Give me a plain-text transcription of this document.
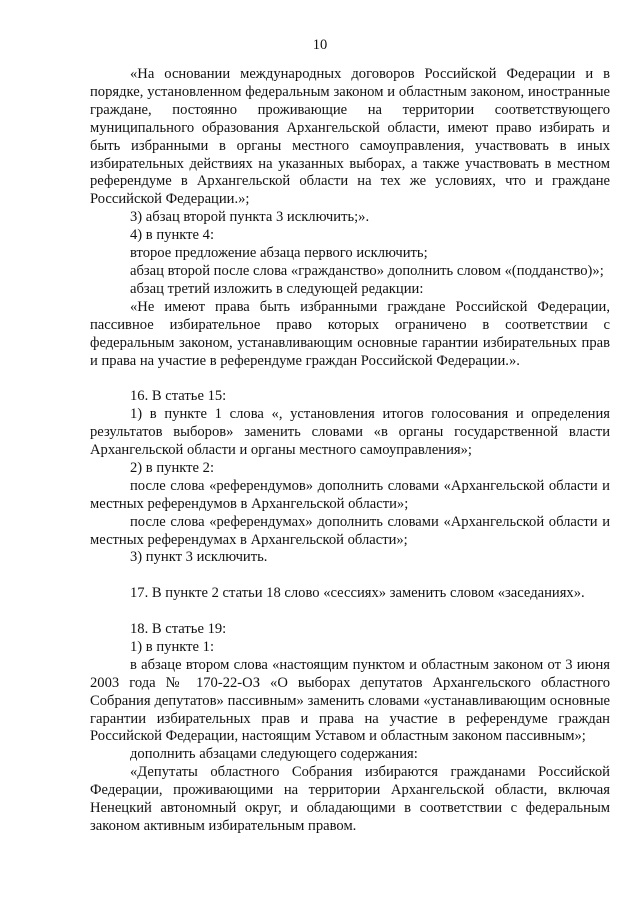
10

«На основании международных договоров Российской Федерации и в порядке, установленном федеральным законом и областным законом, иностранные граждане, постоянно проживающие на территории соответствующего муниципального образования Архангельской области, имеют право избирать и быть избранными в органы местного самоуправления, участвовать в иных избирательных действиях на указанных выборах, а также участвовать в местном референдуме в Архангельской области на тех же условиях, что и граждане Российской Федерации.»;

3) абзац второй пункта 3 исключить;».

4) в пункте 4:

второе предложение абзаца первого исключить;

абзац второй после слова «гражданство» дополнить словом «(подданство)»;

абзац третий изложить в следующей редакции:

«Не имеют права быть избранными граждане Российской Федерации, пассивное избирательное право которых ограничено в соответствии с федеральным законом, устанавливающим основные гарантии избирательных прав и права на участие в референдуме граждан Российской Федерации.».

16. В статье 15:

1) в пункте 1 слова «, установления итогов голосования и определения результатов выборов» заменить словами «в органы государственной власти Архангельской области и органы местного самоуправления»;

2) в пункте 2:

после слова «референдумов» дополнить словами «Архангельской области и местных референдумов в Архангельской области»;

после слова «референдумах» дополнить словами «Архангельской области и местных референдумах в Архангельской области»;

3) пункт 3 исключить.

17. В пункте 2 статьи 18 слово «сессиях» заменить словом «заседаниях».

18. В статье 19:

1) в пункте 1:

в абзаце втором слова «настоящим пунктом и областным законом от 3 июня 2003 года № 170-22-ОЗ «О выборах депутатов Архангельского областного Собрания депутатов» пассивным» заменить словами «устанавливающим основные гарантии избирательных прав и права на участие в референдуме граждан Российской Федерации, настоящим Уставом и областным законом пассивным»;

дополнить абзацами следующего содержания:

«Депутаты областного Собрания избираются гражданами Российской Федерации, проживающими на территории Архангельской области, включая Ненецкий автономный округ, и обладающими в соответствии с федеральным законом активным избирательным правом.
